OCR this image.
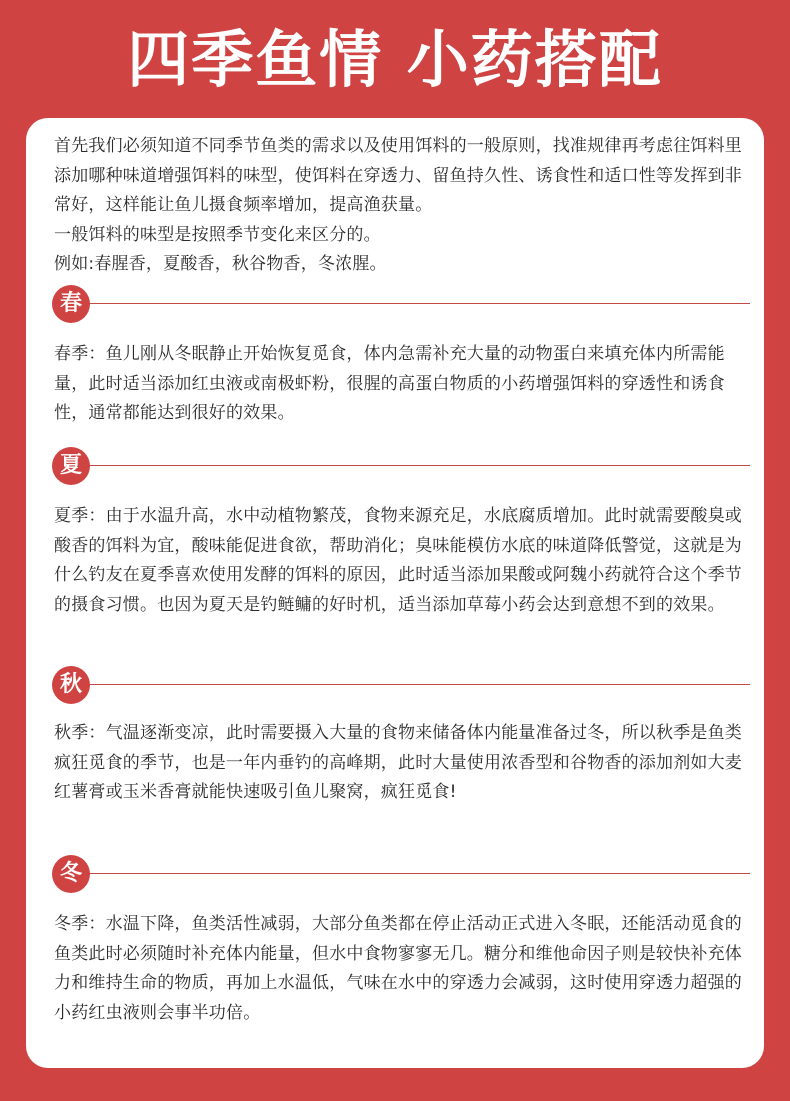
四季鱼情 小药搭配

首先我们必须知道不同季节鱼类的需求以及使用饵料的一般原则，找准规律再考虑往饵料里添加哪种味道增强饵料的味型，使饵料在穿透力、留鱼持久性、诱食性和适口性等发挥到非常好，这样能让鱼儿摄食频率增加，提高渔获量。

一般饵料的味型是按照季节变化来区分的。

例如:春腥香，夏酸香，秋谷物香，冬浓腥。

春
春季：鱼儿刚从冬眠静止开始恢复觅食，体内急需补充大量的动物蛋白来填充体内所需能量，此时适当添加红虫液或南极虾粉，很腥的高蛋白物质的小药增强饵料的穿透性和诱食性，通常都能达到很好的效果。
夏
夏季：由于水温升高，水中动植物繁茂，食物来源充足，水底腐质增加。此时就需要酸臭或酸香的饵料为宜，酸味能促进食欲，帮助消化；臭味能模仿水底的味道降低警觉，这就是为什么钓友在夏季喜欢使用发酵的饵料的原因，此时适当添加果酸或阿魏小药就符合这个季节的摄食习惯。也因为夏天是钓鲢鳙的好时机，适当添加草莓小药会达到意想不到的效果。
秋
秋季：气温逐渐变凉，此时需要摄入大量的食物来储备体内能量准备过冬，所以秋季是鱼类疯狂觅食的季节，也是一年内垂钓的高峰期，此时大量使用浓香型和谷物香的添加剂如大麦红薯膏或玉米香膏就能快速吸引鱼儿聚窝，疯狂觅食!
冬
冬季：水温下降，鱼类活性减弱，大部分鱼类都在停止活动正式进入冬眠，还能活动觅食的鱼类此时必须随时补充体内能量，但水中食物寥寥无几。糖分和维他命因子则是较快补充体力和维持生命的物质，再加上水温低，气味在水中的穿透力会减弱，这时使用穿透力超强的小药红虫液则会事半功倍。
